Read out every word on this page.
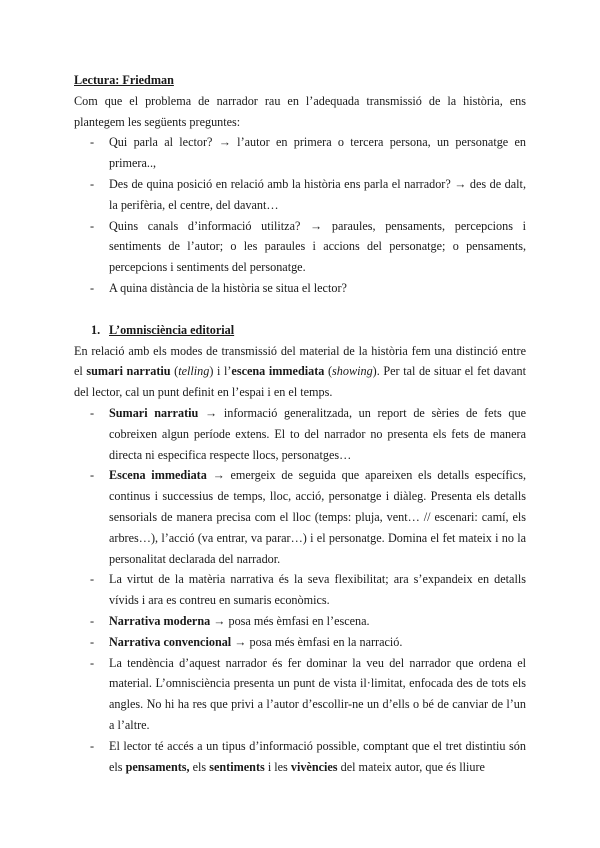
Lectura: Friedman

Com que el problema de narrador rau en l’adequada transmissió de la història, ens plantegem les següents preguntes:

- Qui parla al lector? → l’autor en primera o tercera persona, un personatge en primera..,
- Des de quina posició en relació amb la història ens parla el narrador? → des de dalt, la perifèria, el centre, del davant…
- Quins canals d’informació utilitza? → paraules, pensaments, percepcions i sentiments de l’autor; o les paraules i accions del personatge; o pensaments, percepcions i sentiments del personatge.
- A quina distància de la història se situa el lector?
1. L’omnisciència editorial

En relació amb els modes de transmissió del material de la història fem una distinció entre el sumari narratiu (telling) i l’escena immediata (showing). Per tal de situar el fet davant del lector, cal un punt definit en l’espai i en el temps.

- Sumari narratiu → informació generalitzada, un report de sèries de fets que cobreixen algun període extens. El to del narrador no presenta els fets de manera directa ni especifica respecte llocs, personatges…
- Escena immediata → emergeix de seguida que apareixen els detalls específics, continus i successius de temps, lloc, acció, personatge i diàleg. Presenta els detalls sensorials de manera precisa com el lloc (temps: pluja, vent… // escenari: camí, els arbres…), l’acció (va entrar, va parar…) i el personatge. Domina el fet mateix i no la personalitat declarada del narrador.
- La virtut de la matèria narrativa és la seva flexibilitat; ara s’expandeix en detalls vívids i ara es contreu en sumaris econòmics.
- Narrativa moderna → posa més èmfasi en l’escena.
- Narrativa convencional → posa més èmfasi en la narració.
- La tendència d’aquest narrador és fer dominar la veu del narrador que ordena el material. L’omnisciència presenta un punt de vista il·limitat, enfocada des de tots els angles. No hi ha res que privi a l’autor d’escollir-ne un d’ells o bé de canviar de l’un a l’altre.
- El lector té accés a un tipus d’informació possible, comptant que el tret distintiu són els pensaments, els sentiments i les vivències del mateix autor, que és lliure
